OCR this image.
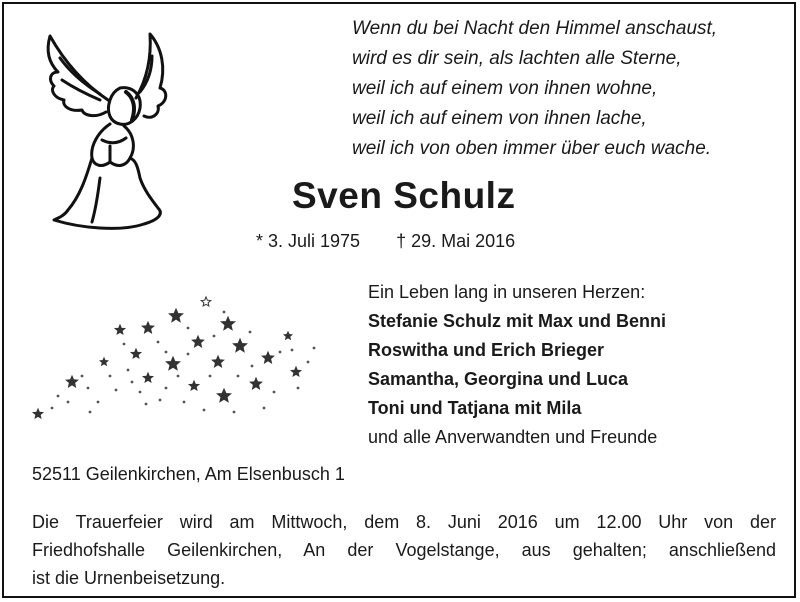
Wenn du bei Nacht den Himmel anschaust,
wird es dir sein, als lachten alle Sterne,
weil ich auf einem von ihnen wohne,
weil ich auf einem von ihnen lache,
weil ich von oben immer über euch wache.
Sven Schulz
* 3. Juli 1975 † 29. Mai 2016
Ein Leben lang in unseren Herzen:
Stefanie Schulz mit Max und Benni
Roswitha und Erich Brieger
Samantha, Georgina und Luca
Toni und Tatjana mit Mila
und alle Anverwandten und Freunde
52511 Geilenkirchen, Am Elsenbusch 1
Die Trauerfeier wird am Mittwoch, dem 8. Juni 2016 um 12.00 Uhr von der
Friedhofshalle Geilenkirchen, An der Vogelstange, aus gehalten; anschließend
ist die Urnenbeisetzung.
